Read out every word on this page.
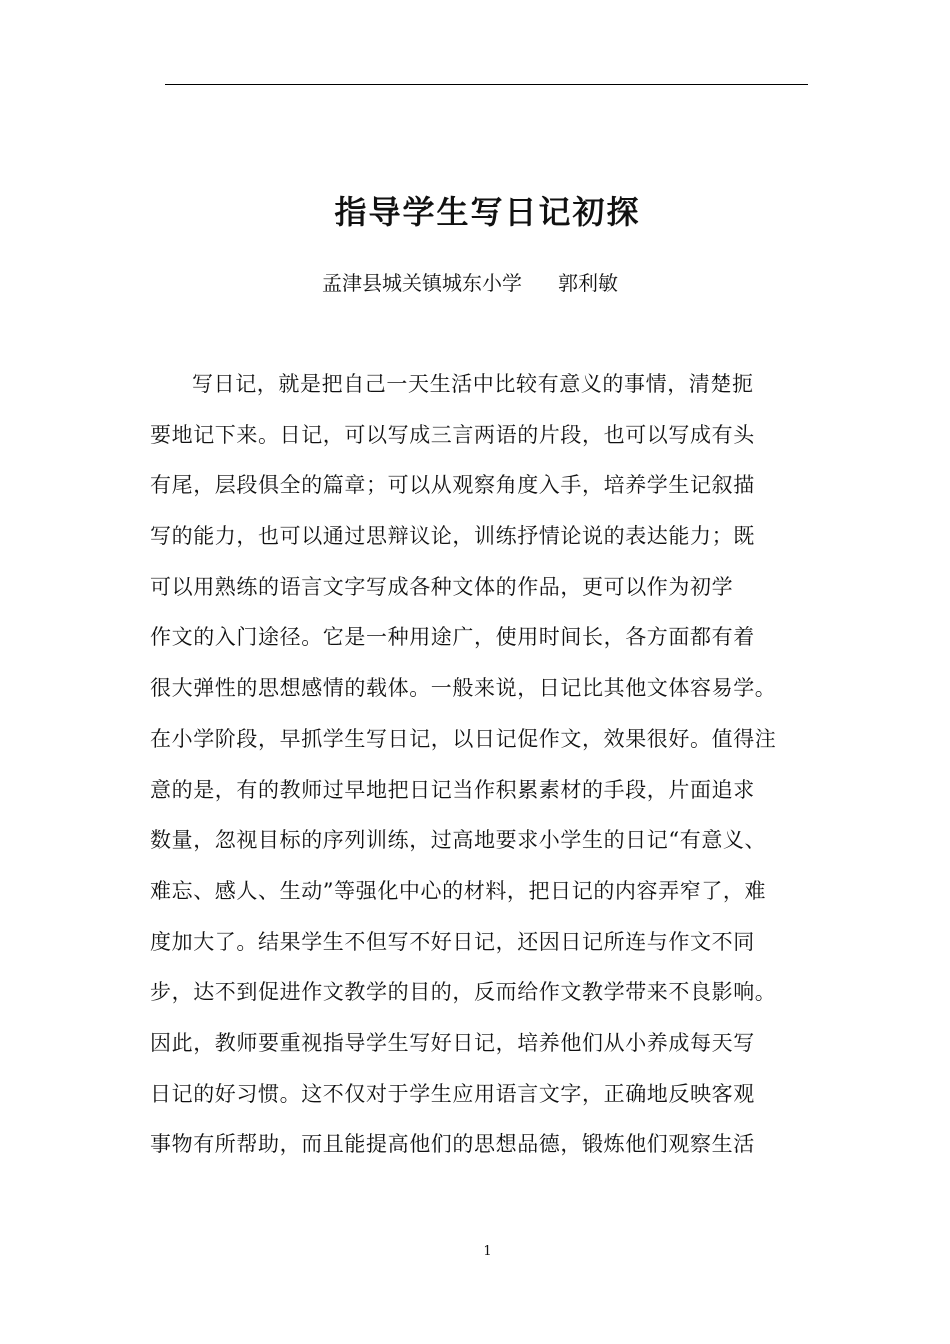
指导学生写日记初探
孟津县城关镇城东小学 郭利敏
写日记，就是把自己一天生活中比较有意义的事情，清楚扼
要地记下来。日记，可以写成三言两语的片段，也可以写成有头
有尾，层段俱全的篇章；可以从观察角度入手，培养学生记叙描
写的能力，也可以通过思辩议论，训练抒情论说的表达能力；既
可以用熟练的语言文字写成各种文体的作品，更可以作为初学
作文的入门途径。它是一种用途广，使用时间长，各方面都有着
很大弹性的思想感情的载体。一般来说，日记比其他文体容易学。
在小学阶段，早抓学生写日记，以日记促作文，效果很好。值得注
意的是，有的教师过早地把日记当作积累素材的手段，片面追求
数量，忽视目标的序列训练，过高地要求小学生的日记“有意义、
难忘、感人、生动”等强化中心的材料，把日记的内容弄窄了，难
度加大了。结果学生不但写不好日记，还因日记所连与作文不同
步，达不到促进作文教学的目的，反而给作文教学带来不良影响。
因此，教师要重视指导学生写好日记，培养他们从小养成每天写
日记的好习惯。这不仅对于学生应用语言文字，正确地反映客观
事物有所帮助，而且能提高他们的思想品德，锻炼他们观察生活
1
